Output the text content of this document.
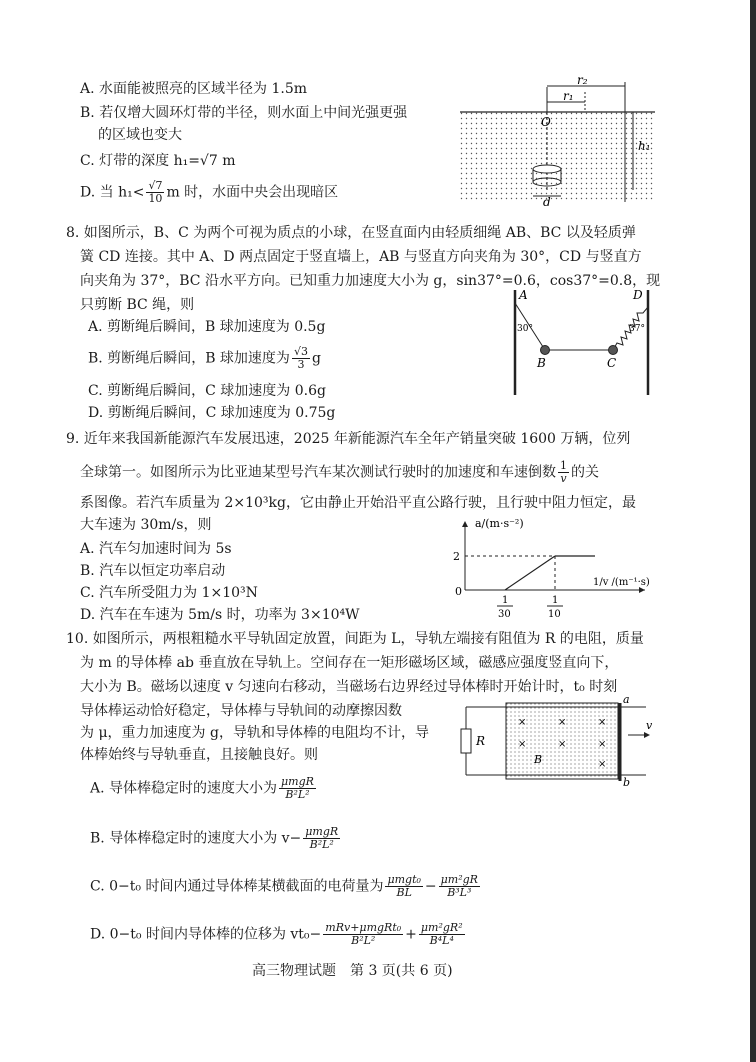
A. 水面能被照亮的区域半径为 1.5m
B. 若仅增大圆环灯带的半径，则水面上中间光强更强
的区域也变大
C. 灯带的深度 h₁=√7 m
D. 当 $h_1< \frac{√7}{10}$ m 时，水面中央会出现暗区
r₂
r₁
O
h₁
d
8. 如图所示，B、C 为两个可视为质点的小球，在竖直面内由轻质细绳 AB、BC 以及轻质弹
簧 CD 连接。其中 A、D 两点固定于竖直墙上，AB 与竖直方向夹角为 30°，CD 与竖直方
向夹角为 37°，BC 沿水平方向。已知重力加速度大小为 g，sin37°=0.6，cos37°=0.8，现
只剪断 BC 绳，则
A. 剪断绳后瞬间，B 球加速度为 0.5g
B. 剪断绳后瞬间，B 球加速度为 $\frac{√3}{3}$ g
C. 剪断绳后瞬间，C 球加速度为 0.6g
D. 剪断绳后瞬间，C 球加速度为 0.75g
A	D
B	C
30°	37°
9. 近年来我国新能源汽车发展迅速，2025 年新能源汽车全年产销量突破 1600 万辆，位列
全球第一。如图所示为比亚迪某型号汽车某次测试行驶时的加速度和车速倒数 $\frac{1}{v}$ 的关
系图像。若汽车质量为 2×10³kg，它由静止开始沿平直公路行驶，且行驶中阻力恒定，最
大车速为 30m/s，则
A. 汽车匀加速时间为 5s
B. 汽车以恒定功率启动
C. 汽车所受阻力为 1×10³N
D. 汽车在车速为 5m/s 时，功率为 3×10⁴W
a/(m·s⁻²)
1/v /(m⁻¹·s)
2
0
1
30
1
10
10. 如图所示，两根粗糙水平导轨固定放置，间距为 L，导轨左端接有阻值为 R 的电阻，质量
为 m 的导体棒 ab 垂直放在导轨上。空间存在一矩形磁场区域，磁感应强度竖直向下，
大小为 B。磁场以速度 v 匀速向右移动，当磁场右边界经过导体棒时开始计时，t₀ 时刻
导体棒运动恰好稳定，导体棒与导轨间的动摩擦因数
为 μ，重力加速度为 g，导轨和导体棒的电阻均不计，导
体棒始终与导轨垂直，且接触良好。则
A. 导体棒稳定时的速度大小为 $\frac{\text{μmgR}}{\text{B²L²}}$
B. 导体棒稳定时的速度大小为 $v- \frac{\text{μmgR}}{\text{B²L²}}$
C. 0−t₀ 时间内通过导体棒某横截面的电荷量为 $\frac{\text{μmgt₀}}{BL} - \frac{\text{μm²gR}}{\text{B³L³}}$
D. 0−t₀ 时间内导体棒的位移为 $vt_0- \frac{\text{mRv+μmgRt₀}}{\text{B²L²}} + \frac{\text{μm²gR²}}{\text{B⁴L⁴}}$
×	×	×
×	×	×
×
R
a
b
v
B
高三物理试题　第 3 页(共 6 页)
